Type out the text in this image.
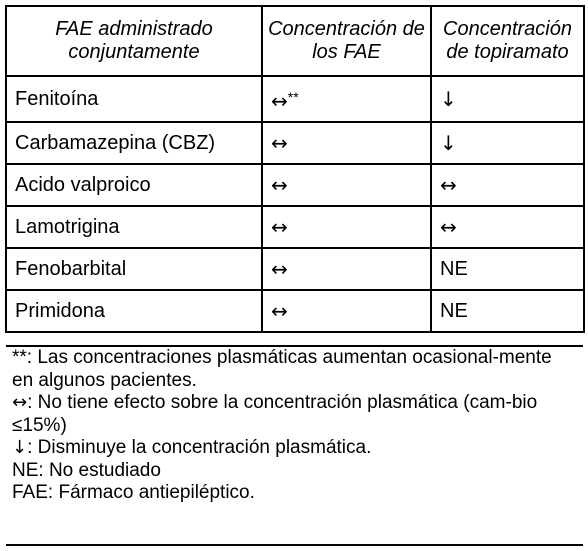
FAE administrado conjuntamente	Concentración de los FAE	Concentración de topiramato
Fenitoína	↔**	↓
Carbamazepina (CBZ)	↔	↓
Acido valproico	↔	↔
Lamotrigina	↔	↔
Fenobarbital	↔	NE
Primidona	↔	NE

**: Las concentraciones plasmáticas aumentan ocasional-mente en algunos pacientes.

↔: No tiene efecto sobre la concentración plasmática (cam-bio ≤15%)

↓: Disminuye la concentración plasmática.

NE: No estudiado

FAE: Fármaco antiepiléptico.
